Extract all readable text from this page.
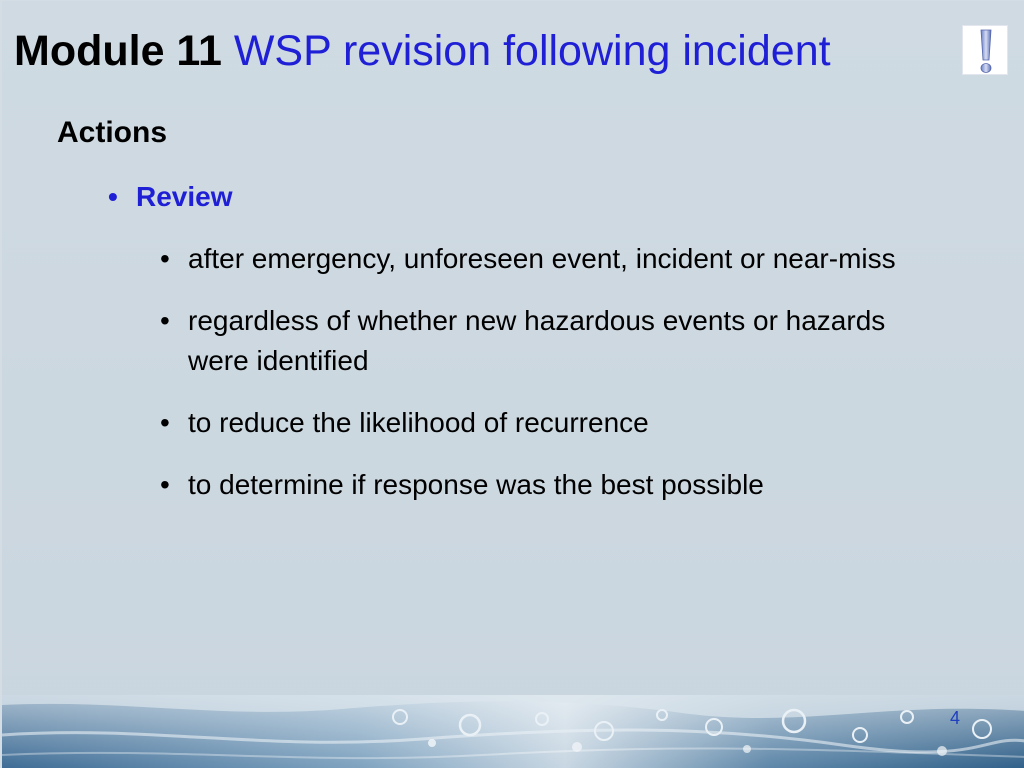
Module 11 WSP revision following incident
Actions
• Review
• after emergency, unforeseen event, incident or near-miss
• regardless of whether new hazardous events or hazards
were identified
• to reduce the likelihood of recurrence
• to determine if response was the best possible
4
